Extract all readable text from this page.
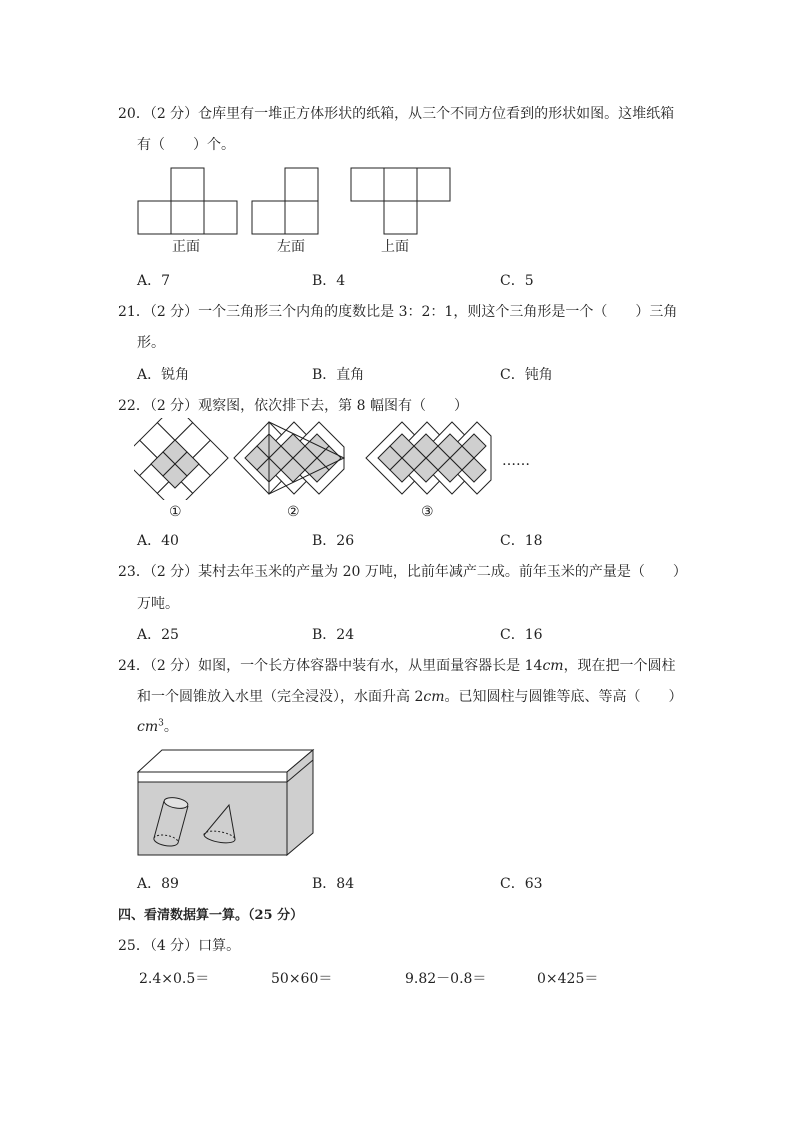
20．（2 分）仓库里有一堆正方体形状的纸箱，从三个不同方位看到的形状如图。这堆纸箱
有（　　）个。
正面	左面	上面
A．7	B．4	C．5
21．（2 分）一个三角形三个内角的度数比是 3：2：1，则这个三角形是一个（　　）三角
形。
A．锐角	B．直角	C．钝角
22．（2 分）观察图，依次排下去，第 8 幅图有（　　）
……
①	②	③
A．40	B．26	C．18
23．（2 分）某村去年玉米的产量为 20 万吨，比前年减产二成。前年玉米的产量是（　　）
万吨。
A．25	B．24	C．16
24．（2 分）如图，一个长方体容器中装有水，从里面量容器长是 14cm，现在把一个圆柱
和一个圆锥放入水里（完全浸没），水面升高 2cm。已知圆柱与圆锥等底、等高（　　）
$cm^3$。
A．89	B．84	C．63
四、看清数据算一算。（25 分）
25．（4 分）口算。
2.4×0.5＝	50×60＝	9.82－0.8＝	0×425＝
